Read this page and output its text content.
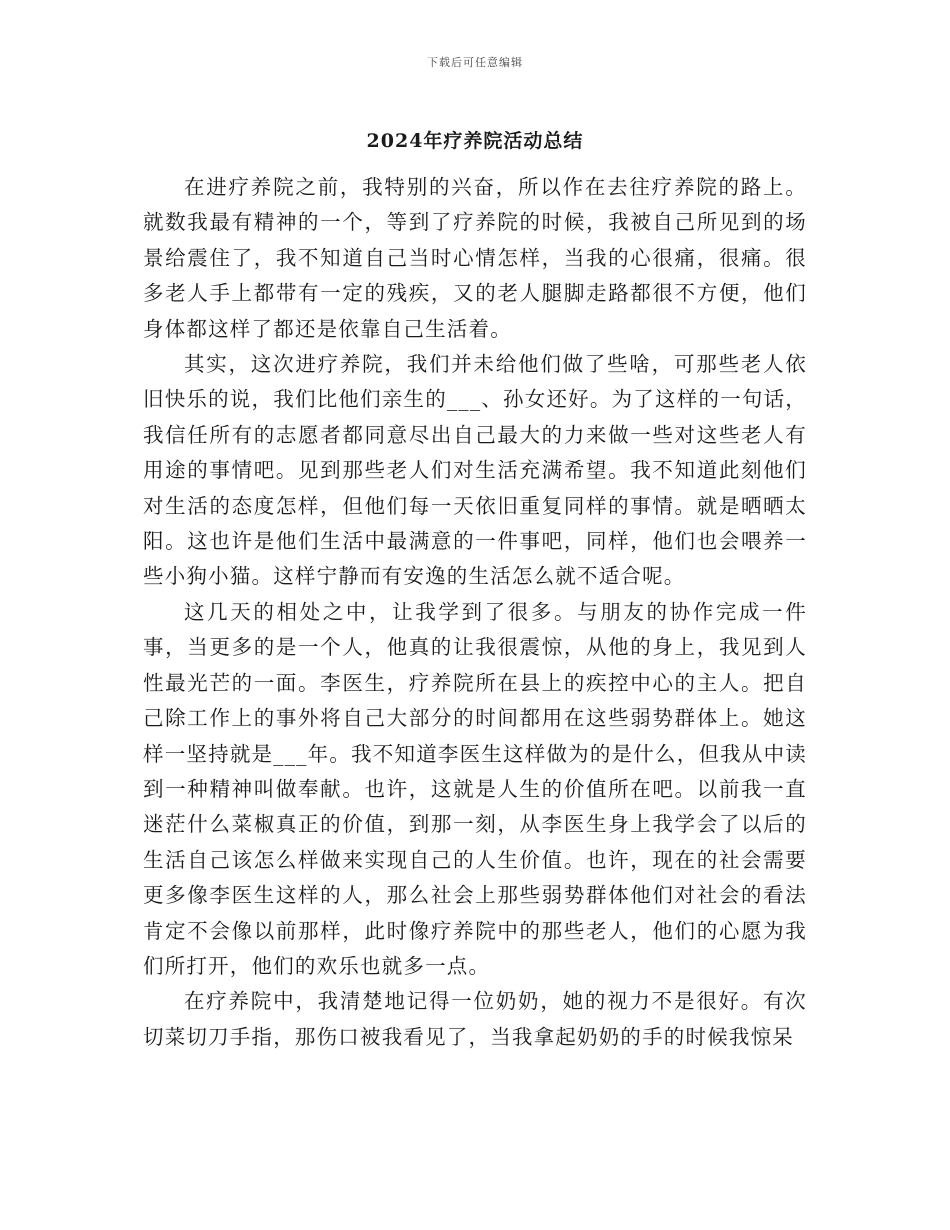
下载后可任意编辑
2024年疗养院活动总结

在进疗养院之前，我特别的兴奋，所以作在去往疗养院的路上。就数我最有精神的一个，等到了疗养院的时候，我被自己所见到的场景给震住了，我不知道自己当时心情怎样，当我的心很痛，很痛。很多老人手上都带有一定的残疾，又的老人腿脚走路都很不方便，他们身体都这样了都还是依靠自己生活着。

其实，这次进疗养院，我们并未给他们做了些啥，可那些老人依旧快乐的说，我们比他们亲生的___、孙女还好。为了这样的一句话，我信任所有的志愿者都同意尽出自己最大的力来做一些对这些老人有用途的事情吧。见到那些老人们对生活充满希望。我不知道此刻他们对生活的态度怎样，但他们每一天依旧重复同样的事情。就是晒晒太阳。这也许是他们生活中最满意的一件事吧，同样，他们也会喂养一些小狗小猫。这样宁静而有安逸的生活怎么就不适合呢。

这几天的相处之中，让我学到了很多。与朋友的协作完成一件事，当更多的是一个人，他真的让我很震惊，从他的身上，我见到人性最光芒的一面。李医生，疗养院所在县上的疾控中心的主人。把自己除工作上的事外将自己大部分的时间都用在这些弱势群体上。她这样一坚持就是___年。我不知道李医生这样做为的是什么，但我从中读到一种精神叫做奉献。也许，这就是人生的价值所在吧。以前我一直迷茫什么菜椒真正的价值，到那一刻，从李医生身上我学会了以后的生活自己该怎么样做来实现自己的人生价值。也许，现在的社会需要更多像李医生这样的人，那么社会上那些弱势群体他们对社会的看法肯定不会像以前那样，此时像疗养院中的那些老人，他们的心愿为我们所打开，他们的欢乐也就多一点。

在疗养院中，我清楚地记得一位奶奶，她的视力不是很好。有次切菜切刀手指，那伤口被我看见了，当我拿起奶奶的手的时候我惊呆
